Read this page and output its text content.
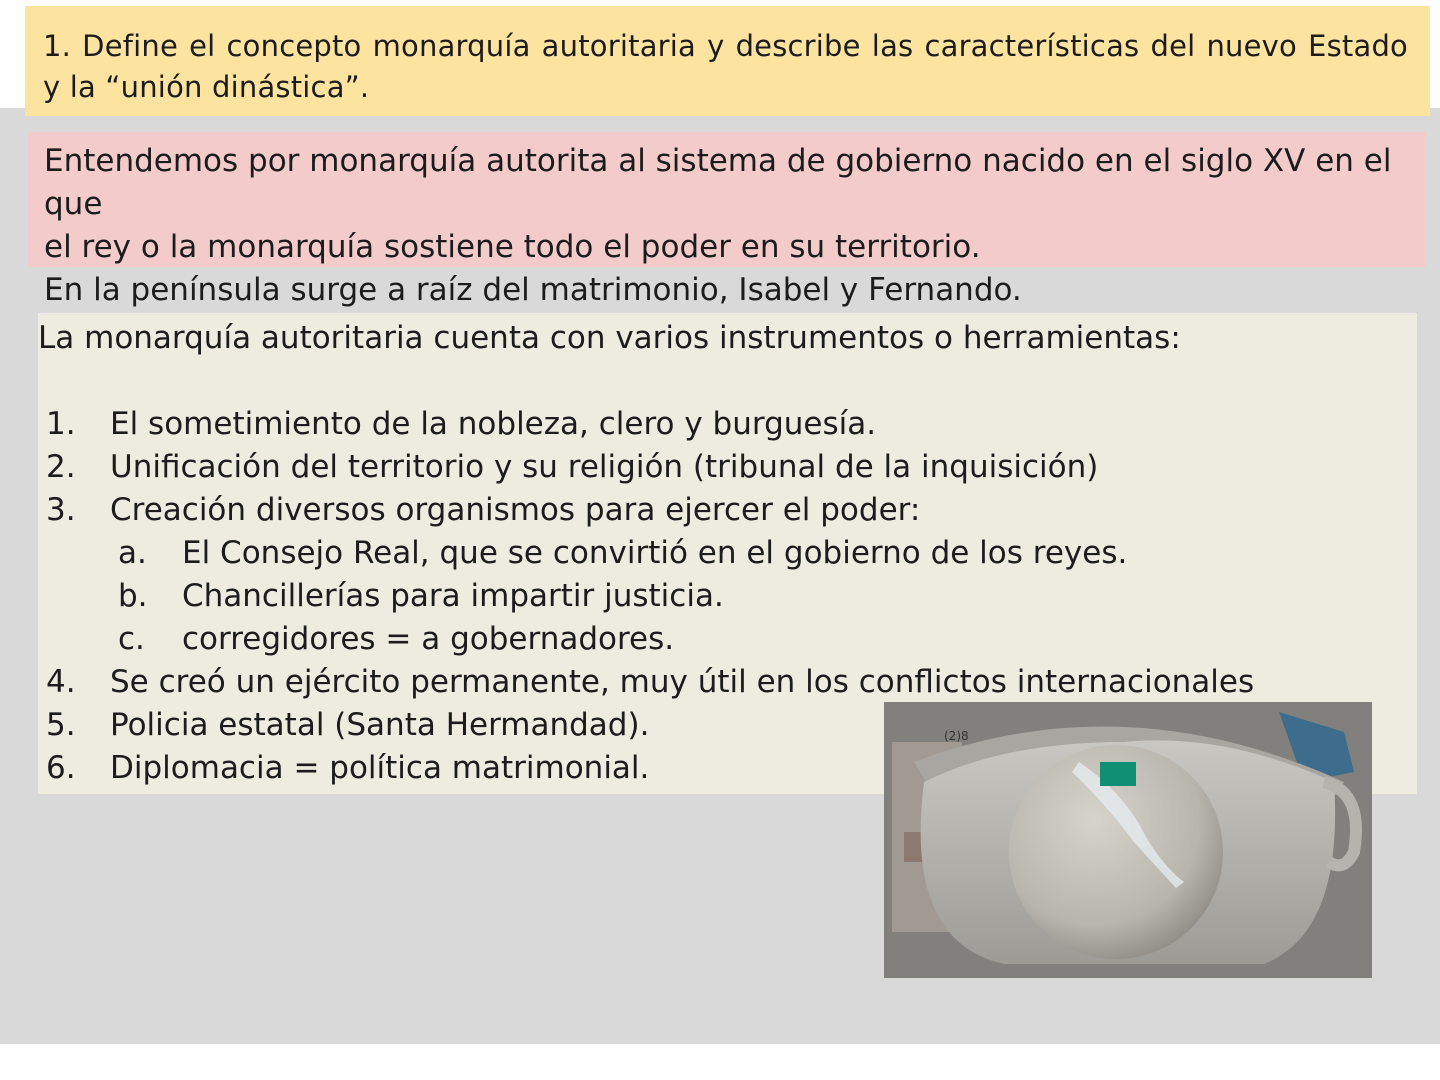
1. Define el concepto monarquía autoritaria y describe las características del nuevo Estado y la “unión dinástica”.

Entendemos por monarquía autorita al sistema de gobierno nacido en el siglo XV en el que

el rey o la monarquía sostiene todo el poder en su territorio.

En la península surge a raíz del matrimonio, Isabel y Fernando.

La monarquía autoritaria cuenta con varios instrumentos o herramientas:

1.	El sometimiento de la nobleza, clero y burguesía.
2.	Unificación del territorio y su religión (tribunal de la inquisición)
3.	Creación diversos organismos para ejercer el poder:
a.	El Consejo Real, que se convirtió en el gobierno de los reyes.
b.	Chancillerías para impartir justicia.
c.	corregidores = a gobernadores.
4.	Se creó un ejército permanente, muy útil en los conflictos internacionales
5.	Policia estatal (Santa Hermandad).
6.	Diplomacia = política matrimonial.
(2)8
